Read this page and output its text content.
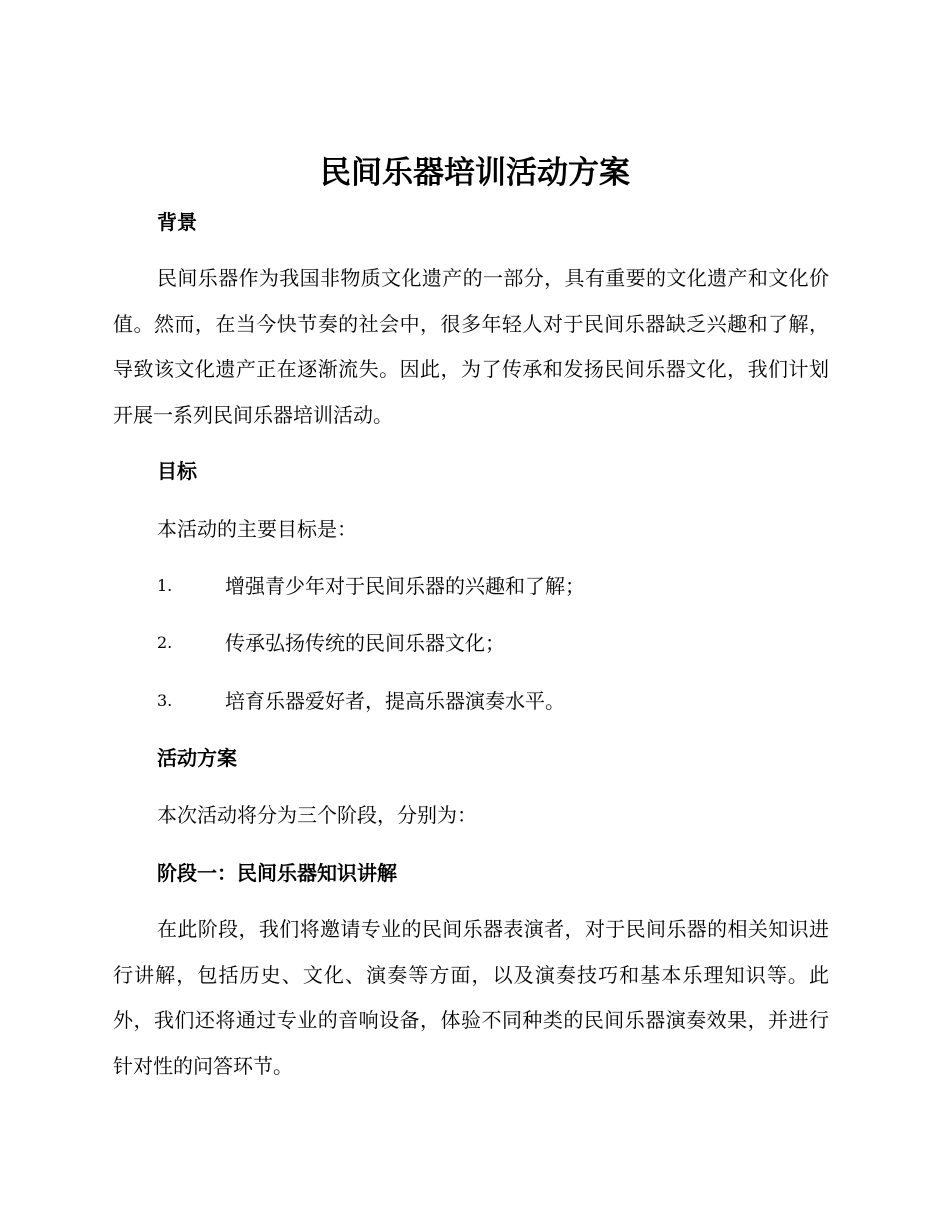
民间乐器培训活动方案
背景

民间乐器作为我国非物质文化遗产的一部分，具有重要的文化遗产和文化价值。然而，在当今快节奏的社会中，很多年轻人对于民间乐器缺乏兴趣和了解，导致该文化遗产正在逐渐流失。因此，为了传承和发扬民间乐器文化，我们计划开展一系列民间乐器培训活动。

目标

本活动的主要目标是：

1.	增强青少年对于民间乐器的兴趣和了解；
2.	传承弘扬传统的民间乐器文化；
3.	培育乐器爱好者，提高乐器演奏水平。
活动方案

本次活动将分为三个阶段，分别为：

阶段一：民间乐器知识讲解

在此阶段，我们将邀请专业的民间乐器表演者，对于民间乐器的相关知识进行讲解，包括历史、文化、演奏等方面，以及演奏技巧和基本乐理知识等。此外，我们还将通过专业的音响设备，体验不同种类的民间乐器演奏效果，并进行针对性的问答环节。
